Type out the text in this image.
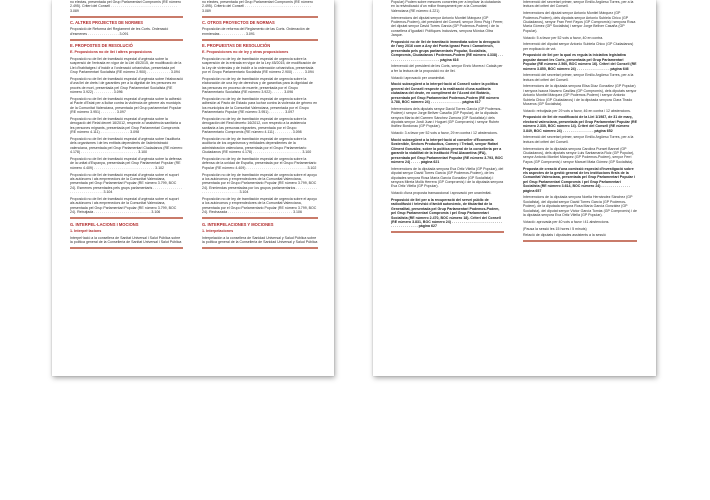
no electas, presentada pel Grup Parlamentari Compromís (RE número 2.495). Criteri del Consell . . . . . . . . . . . . . . . . . . . . . . . . . . . . . . . . . . 3.089

C. ALTRES PROJECTES DE NORMES

Proposició de Reforma del Reglament de les Corts. Ordenació d'esmenes . . . . . . . . . . . . . . . . 3.091

E. PROPOSTES DE RESOLUCIÓ
E. Proposicions no de llei i altres proposicions

Proposició no de llei de tramitació especial d'urgència sobre la suspensió de l'entrada en vigor de la Llei 45/2015, de modificació de la Llei d'habitatges i d'incidir a l'ordenació urbanística, presentada pel Grup Parlamentari Socialista (RE número 2.900) . . . . . . . . . . . . 3.094

Proposició no de llei de tramitació especial d'urgència sobre l'elaboració d'una llei de drets i de garanties per a la dignitat de les persones en procés de mort, presentada pel Grup Parlamentari Socialista (RE número 3.922) . . . . . . . . . . 3.096

Proposició no de llei de tramitació especial d'urgència sobre la adhesió al Pacte d'Estat per a lluitar contra la violència de gènere als municipis de la Comunitat Valenciana, presentada pel Grup parlamentari Popular (RE número 3.951) . . . . . . . . 3.097

Proposició no de llei de tramitació especial d'urgència sobre la derogació del Reial decret 16/2012, respecte a l'assistència sanitària a les persones migrants, presentada pel Grup Parlamentari Compromís (RE número 4.111) . . . . . . . . . . . . . . . 3.098

Proposició no de llei de tramitació especial d'urgència sobre l'auditoria dels organismes i de les entitats dependents de l'administració valenciana, presentada pel Grup Parlamentari Ciudadanos (RE número 4.178) . . . . . . . . . . . . . . . . . . . . . . . . . . . . . 3.100

Proposició no de llei de tramitació especial d'urgència sobre la defensa de la unitat d'Espanya, presentada pel Grup Parlamentari Popular (RE número 4.409) . . . . . . . . . . . . . . . . . . . . . . . . . . . . . . . 3.102

Proposició no de llei de tramitació especial d'urgència sobre el suport als autònoms i als emprenedors de la Comunitat Valenciana, presentada pel Grup Parlamentari Popular (RE número 3.799, BOC 24). Esmenes presentades pels grups parlamentaris . . . . . . . . . . . . . . . . . . . . . . . . . . . . . . . . 3.104

Proposició no de llei de tramitació especial d'urgència sobre el suport als autònoms i als emprenedors de la Comunitat Valenciana, presentada pel Grup Parlamentari Popular (RE número 3.799, BOC 24). Rebutjada . . . . . . . . . . . . . . . . . . . . . . . . . . . . . 3.106

G. INTERPEL·LACIONS I MOCIONS
1. Interpel·lacions

Interpel·lació a la consellera de Sanitat Universal i Salut Pública sobre la política general de la Conselleria de Sanitat Universal i Salut Pública

no electes, presentada pel Grup Parlamentari Compromís (RE número 2.495). Criterio del Consell . . . . . . . . . . . . . . . . . . . . . . . . . . . . . . . . . . 3.089

C. OTROS PROYECTOS DE NORMAS

Proposición de reforma del Reglamento de las Corts. Ordenación de enmiendas . . . . . . . . . . . . . 3.091

E. PROPUESTAS DE RESOLUCIÓN
E. Proposiciones no de ley y otras proposiciones

Proposición no de ley de tramitación especial de urgencia sobre la suspensión de la entrada en vigor de la Ley 45/2015, de modificación de la Ley de viviendas y de incidir a la ordenación urbanística, presentada por el Grupo Parlamentario Socialista (RE número 2.900) . . . . . . 3.094

Proposición no de ley de tramitación especial de urgencia sobre la elaboración de una ley de derechos y de garantías para la dignidad de las personas en proceso de muerte, presentada por el Grupo Parlamentario Socialista (RE número 3.922) . . . . . . 3.096

Proposición no de ley de tramitación especial de urgencia sobre la adhesión al Pacto de Estado para luchar contra la violencia de género en los municipios de la Comunitat Valenciana, presentada por el Grupo Parlamentario Popular (RE número 3.951) . . . . . . . . 3.097

Proposición no de ley de tramitación especial de urgencia sobre la derogación del Real decreto 16/2012, con respecto a la asistencia sanitaria a las personas migrantes, presentada por el Grupo Parlamentario Compromís (RE número 4.111) . . . . . . . . . 3.098

Proposición no de ley de tramitación especial de urgencia sobre la auditoría de los organismos y entidades dependientes de la administración valenciana, presentada por el Grupo Parlamentario Ciudadanos (RE número 4.178) . . . . . . . . . . . . . . . . . . . . . . . . . 3.100

Proposición no de ley de tramitación especial de urgencia sobre la defensa de la unidad de España, presentada por el Grupo Parlamentario Popular (RE número 4.409) . . . . . . . . . . . . . . . . . . . . . . . . . . . . . . . 3.102

Proposición no de ley de tramitación especial de urgencia sobre el apoyo a los autónomos y emprendedores de la Comunitat Valenciana, presentada por el Grupo Parlamentario Popular (RE número 3.799, BOC 24). Enmiendas presentadas por los grupos parlamentarios . . . . . . . . . . . . . . . . . . . . . . . . . . . . . . 3.104

Proposición no de ley de tramitación especial de urgencia sobre el apoyo a los autónomos y emprendedores de la Comunitat Valenciana, presentada por el Grupo Parlamentario Popular (RE número 3.799, BOC 24). Rechazada . . . . . . . . . . . . . . . . . . . . . . . . . . . . . . . . . 3.106

G. INTERPELACIONES Y MOCIONES
1. Interpelaciones

Interpelación a la consellera de Sanidad Universal y Salud Pública sobre la política general de la Conselleria de Sanidad Universal y Salud Pública

Popular) Podem sobre mesures concretes per a implicar la ciutadania en la reivindicació d'un millor finançament per a la Comunitat Valenciana (RE número 4.221)

Intervencions del diputat senyor Antonio Montiel Márquez (GP Podemos-Podem), del president del Consell, senyor Ximo Puig i Ferrer, del diputat senyor David Torres García (GP Podemos-Podem) i de la consellera d'Igualtat i Polítiques Inclusives, senyora Mónica Oltra Jarque.

Proposició no de llei de tramitació immediata sobre la derogació de l'any 2016 com a Any del Poeta Ignasi Pons i Camarlench, presentada pels grups parlamentaris Popular, Socialista, Compromís, Ciudadanos i Podemos-Podem (RE número 4.338) . . . . . . . . . . . . . . . . . . . . . . . . . . . . pàgina 616

Intervenció del president de les Corts, senyor Enric Morera i Català per a fer la lectura de la proposició no de llei.

Votació i aprovació per unanimitat.

Moció subsegüent a la interpel·lació al Consell sobre la política general del Consell respecte a la realització d'una auditoria ciutadana del deute, en compliment de l'Acord del Botànic, presentada pel Grup Parlamentari Podemos-Podem (RE número 3.788, BOC número 24) . . . . . . . . . . . . . . . . pàgina 617

Intervencions dels diputats senyor David Torres García (GP Podemos-Podem) i senyor Jorge Bellver Casaña (GP Popular), de la diputada senyora María del Carmen Sánchez Zamora (GP Socialista) i dels diputats senyor Jordi Juan i Huguet (GP Compromís) i senyor Rubén Ibáñez Bordonau (GP Popular).

Votació: 3 a favor per 52 vots a favor, 29 en contra i 12 abstencions.

Moció subsegüent a la interpel·lació al conseller d'Economia Sostenible, Sectors Productius, Comerç i Treball, senyor Rafael Climent González, sobre la política general de la conselleria per a garantir la viabilitat de la Institució Firal Alacantina (IFA), presentada pel Grup Parlamentari Popular (RE número 3.793, BOC número 24) . . . . . pàgina 621

Intervencions de la diputada senyora Eva Ortiz Vilella (GP Popular), del diputat senyor David Torres García (GP Podemos-Podem), de les diputades senyora Rosa María García González (GP Socialista) i senyora Mireia Mollà Herrera (GP Compromís) i de la diputada senyora Eva Ortiz Vilella (GP Popular).

Votació d'una proposta transaccional i aprovació per unanimitat.

Proposició de llei per a la recuperació del servei públic de radiodifusió i televisió d'àmbit autonòmic, de titularitat de la Generalitat, presentada pel Grup Parlamentari Podemos-Podem, pel Grup Parlamentari Compromís i pel Grup Parlamentari Socialista (RE número 2.470, BOC número 18). Criteri del Consell (RE número 3.831, BOC número 24) . . . . . . . . . . . . . . . . . . . . . . . . . . . . . . . . . . . . . . . . pàgina 627

Intervenció del secretari primer, senyor Emilio Argüeso Torres, per a la lectura del criteri del Consell.

Intervencions del diputat senyor Antonio Montiel Márquez (GP Podemos-Podem), dels diputats senyor Antonio Subiela Chico (GP Ciudadanos), senyor Fran Ferri Fayos (GP Compromís) i senyora Rosa María Gómez (GP Socialista) i senyor Jorge Bellver Casaña (GP Popular).

Votació: 5 a favor per 52 vots a favor, 40 en contra.

Intervenció del diputat senyor Antonio Subiela Chico (GP Ciudadanos) per explicació de vot.

Proposició de llei per la qual es regula la iniciativa legislativa popular davant les Corts, presentada pel Grup Parlamentari Popular (RE número 2.560, BOC número 16). Criteri del Consell (RE número 3.850, BOC número 24) . . . . . . . . . . . . . . . . . pàgina 646

Intervenció del secretari primer, senyor Emilio Argüeso Torres, per a la lectura del criteri del Consell.

Intervencions de la diputada senyora Elisa Díaz González (GP Popular) i senyora Isaura Navarro Casillas (GP Compromís), dels diputats senyor Antonio Montiel Márquez (GP Podemos-Podem) i senyor Antonio Subiela Chico (GP Ciudadanos) i de la diputada senyora Clara Tirado Museros (GP Socialista).

Votació: rebutjada per 29 vots a favor, 46 en contra i 12 abstencions.

Proposició de llei de modificació de la Llei 1/1987, de 31 de març, electoral valenciana, presentada pel Grup Parlamentari Popular (RE número 2.330, BOC número 14). Criteri del Consell (RE número 3.849, BOC número 24) . . . . . . . . . . . . . . . . pàgina 652

Intervenció del secretari primer, senyor Emilio Argüeso Torres, per a la lectura del criteri del Consell.

Intervencions de la diputada senyora Carolina Punset Bannel (GP Ciudadanos), dels diputats senyor Luis Santamaría Ruiz (GP Popular), senyor Antonio Montiel Márquez (GP Podemos-Podem), senyor Ferri Fayos (GP Compromís) i senyor Manuel Mata Gómez (GP Socialista).

Proposta de creació d'una comissió especial d'investigació sobre els aspectes de la gestió general de les institucions firals de la Comunitat Valenciana, presentada pel Grup Parlamentari Popular i pel Grup Parlamentari Compromís i pel Grup Parlamentari Socialista (RE número 3.614, BOC número 24) . . . . . . . . . . . . . . . pàgina 657

Intervencions de la diputada senyora Noelia Hernández Sánchez (GP Socialista), del diputat senyor David Torres García (GP Podemos-Podem), de la diputada senyora Rosa María García González (GP Socialista), del diputat senyor Víctor García Tomàs (GP Compromís) i de la diputada senyora Eva Ortiz Vilella (GP Popular).

Votació: aprovada per 40 vots a favor i 41 abstencions.

(Pausa la sessió les 15 hores i 5 minuts)

Relació de diputats i diputades assistents a la sessió
